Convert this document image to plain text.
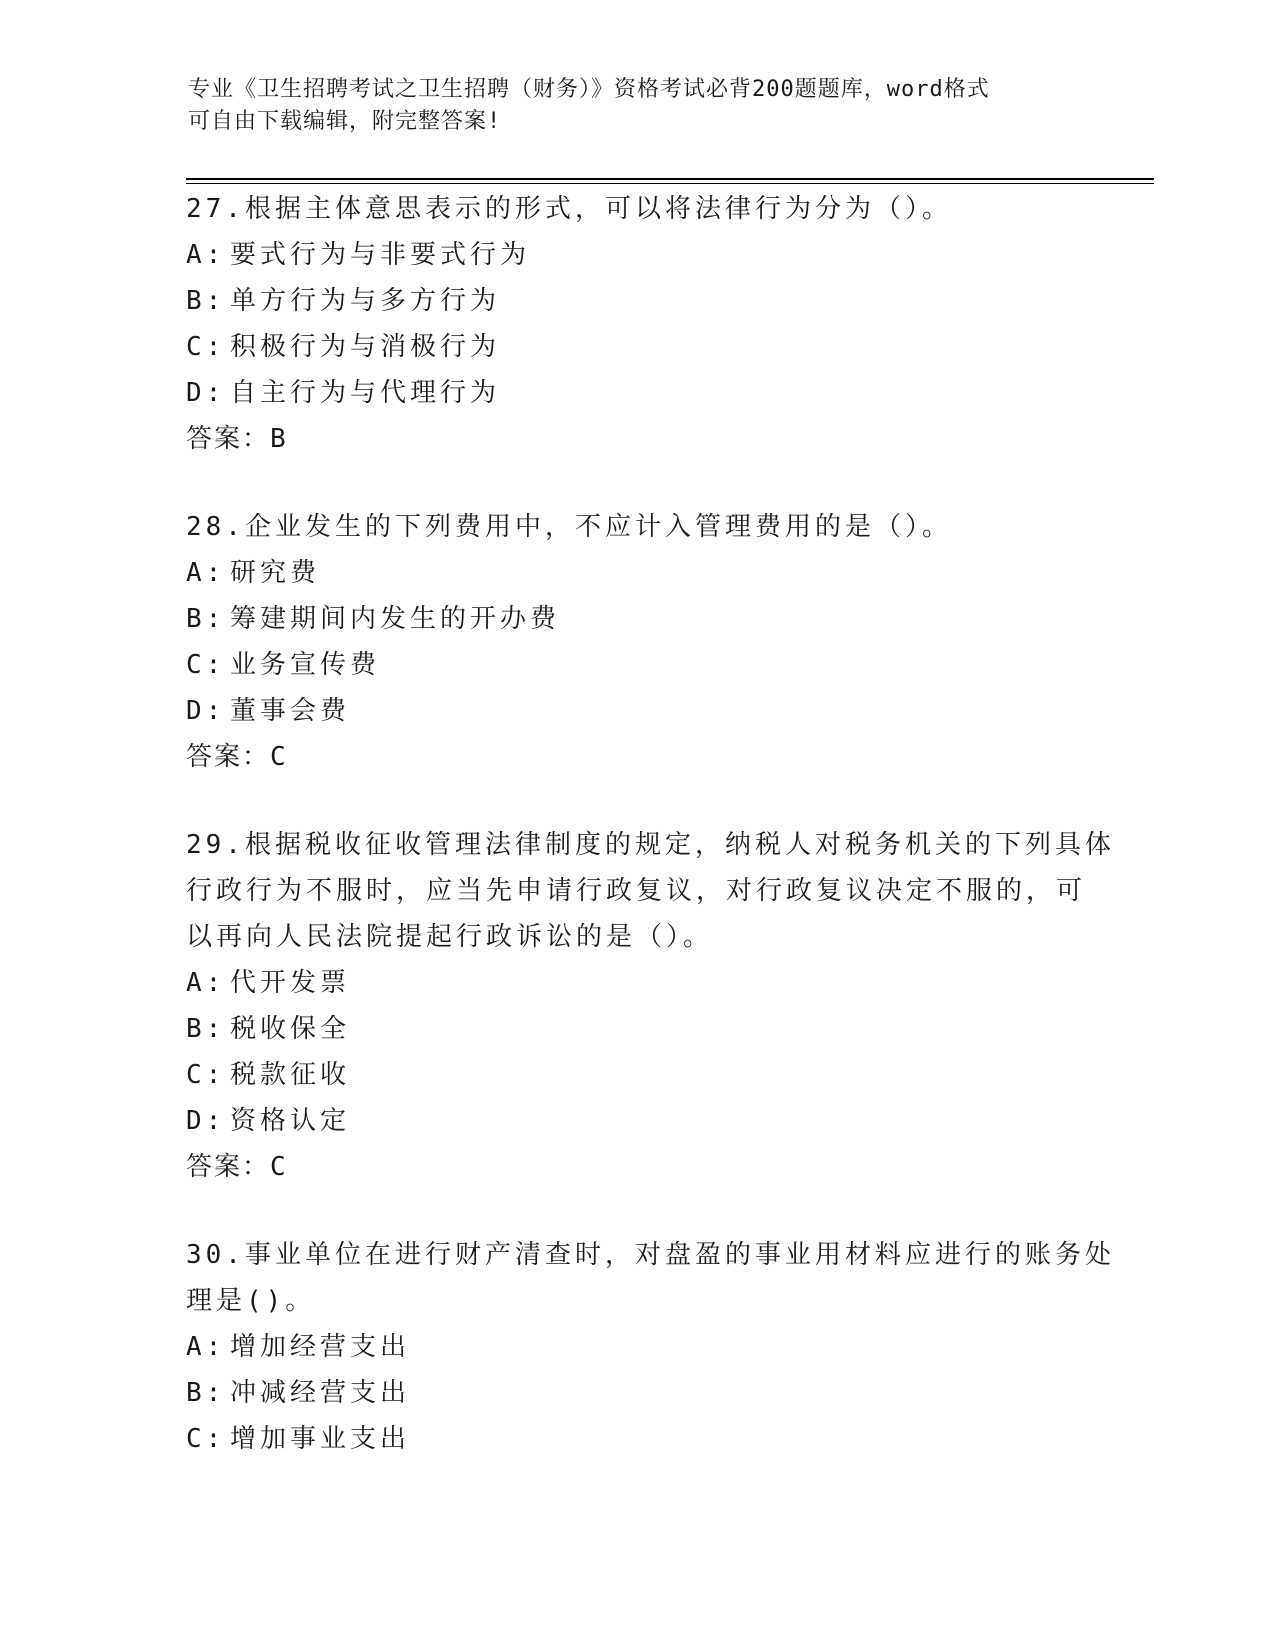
专业《卫生招聘考试之卫生招聘（财务）》资格考试必背200题题库，word格式
可自由下载编辑，附完整答案!
27.根据主体意思表示的形式，可以将法律行为分为（）。
A: 要式行为与非要式行为
B: 单方行为与多方行为
C: 积极行为与消极行为
D: 自主行为与代理行为
答案：B
28.企业发生的下列费用中，不应计入管理费用的是（）。
A: 研究费
B: 筹建期间内发生的开办费
C: 业务宣传费
D: 董事会费
答案：C
29.根据税收征收管理法律制度的规定，纳税人对税务机关的下列具体
行政行为不服时，应当先申请行政复议，对行政复议决定不服的，可
以再向人民法院提起行政诉讼的是（）。
A: 代开发票
B: 税收保全
C: 税款征收
D: 资格认定
答案：C
30.事业单位在进行财产清查时，对盘盈的事业用材料应进行的账务处
理是()。
A: 增加经营支出
B: 冲减经营支出
C: 增加事业支出
